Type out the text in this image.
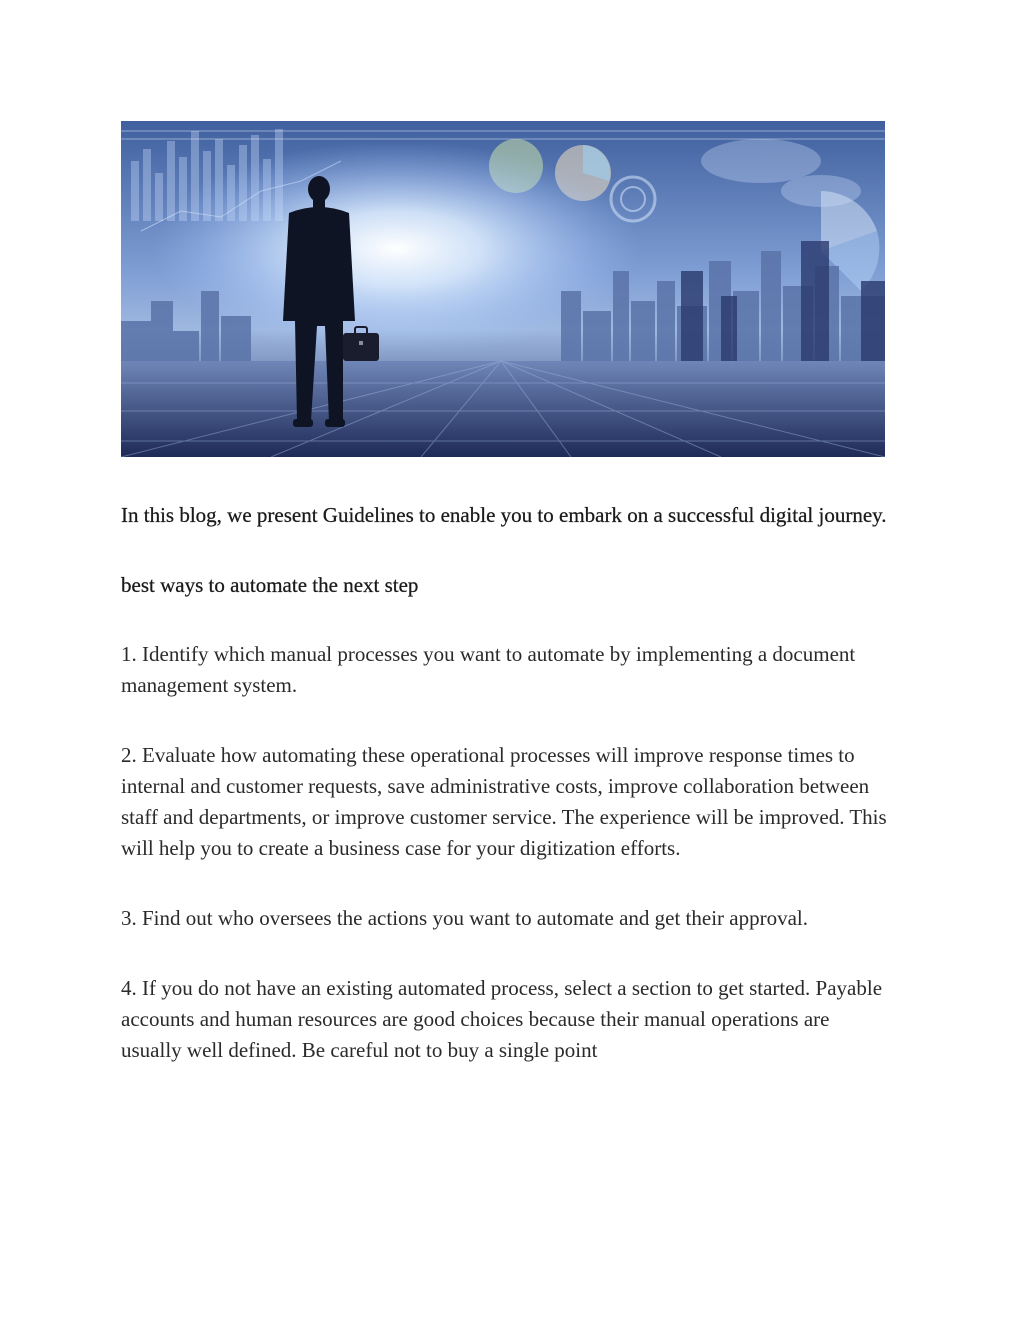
In this blog, we present Guidelines to enable you to embark on a successful digital journey.

best ways to automate the next step

1. Identify which manual processes you want to automate by implementing a document management system.

2. Evaluate how automating these operational processes will improve response times to internal and customer requests, save administrative costs, improve collaboration between staff and departments, or improve customer service. The experience will be improved. This will help you to create a business case for your digitization efforts.

3. Find out who oversees the actions you want to automate and get their approval.

4. If you do not have an existing automated process, select a section to get started. Payable accounts and human resources are good choices because their manual operations are usually well defined. Be careful not to buy a single point
